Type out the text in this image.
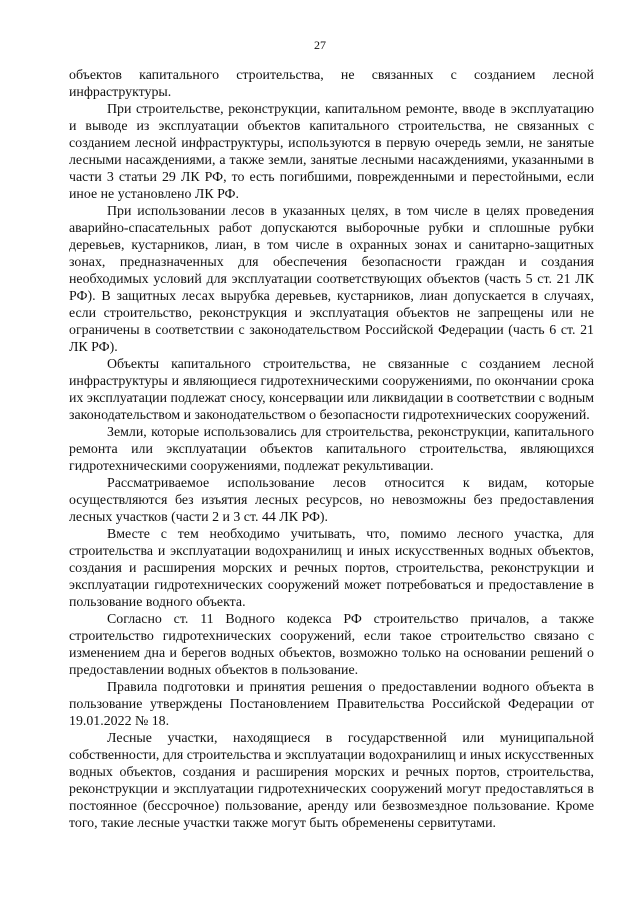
27

объектов капитального строительства, не связанных с созданием лесной инфраструктуры.

При строительстве, реконструкции, капитальном ремонте, вводе в эксплуатацию и выводе из эксплуатации объектов капитального строительства, не связанных с созданием лесной инфраструктуры, используются в первую очередь земли, не занятые лесными насаждениями, а также земли, занятые лесными насаждениями, указанными в части 3 статьи 29 ЛК РФ, то есть погибшими, поврежденными и перестойными, если иное не установлено ЛК РФ.

При использовании лесов в указанных целях, в том числе в целях проведения аварийно-спасательных работ допускаются выборочные рубки и сплошные рубки деревьев, кустарников, лиан, в том числе в охранных зонах и санитарно-защитных зонах, предназначенных для обеспечения безопасности граждан и создания необходимых условий для эксплуатации соответствующих объектов (часть 5 ст. 21 ЛК РФ). В защитных лесах вырубка деревьев, кустарников, лиан допускается в случаях, если строительство, реконструкция и эксплуатация объектов не запрещены или не ограничены в соответствии с законодательством Российской Федерации (часть 6 ст. 21 ЛК РФ).

Объекты капитального строительства, не связанные с созданием лесной инфраструктуры и являющиеся гидротехническими сооружениями, по окончании срока их эксплуатации подлежат сносу, консервации или ликвидации в соответствии с водным законодательством и законодательством о безопасности гидротехнических сооружений.

Земли, которые использовались для строительства, реконструкции, капитального ремонта или эксплуатации объектов капитального строительства, являющихся гидротехническими сооружениями, подлежат рекультивации.

Рассматриваемое использование лесов относится к видам, которые осуществляются без изъятия лесных ресурсов, но невозможны без предоставления лесных участков (части 2 и 3 ст. 44 ЛК РФ).

Вместе с тем необходимо учитывать, что, помимо лесного участка, для строительства и эксплуатации водохранилищ и иных искусственных водных объектов, создания и расширения морских и речных портов, строительства, реконструкции и эксплуатации гидротехнических сооружений может потребоваться и предоставление в пользование водного объекта.

Согласно ст. 11 Водного кодекса РФ строительство причалов, а также строительство гидротехнических сооружений, если такое строительство связано с изменением дна и берегов водных объектов, возможно только на основании решений о предоставлении водных объектов в пользование.

Правила подготовки и принятия решения о предоставлении водного объекта в пользование утверждены Постановлением Правительства Российской Федерации от 19.01.2022 № 18.

Лесные участки, находящиеся в государственной или муниципальной собственности, для строительства и эксплуатации водохранилищ и иных искусственных водных объектов, создания и расширения морских и речных портов, строительства, реконструкции и эксплуатации гидротехнических сооружений могут предоставляться в постоянное (бессрочное) пользование, аренду или безвозмездное пользование. Кроме того, такие лесные участки также могут быть обременены сервитутами.
